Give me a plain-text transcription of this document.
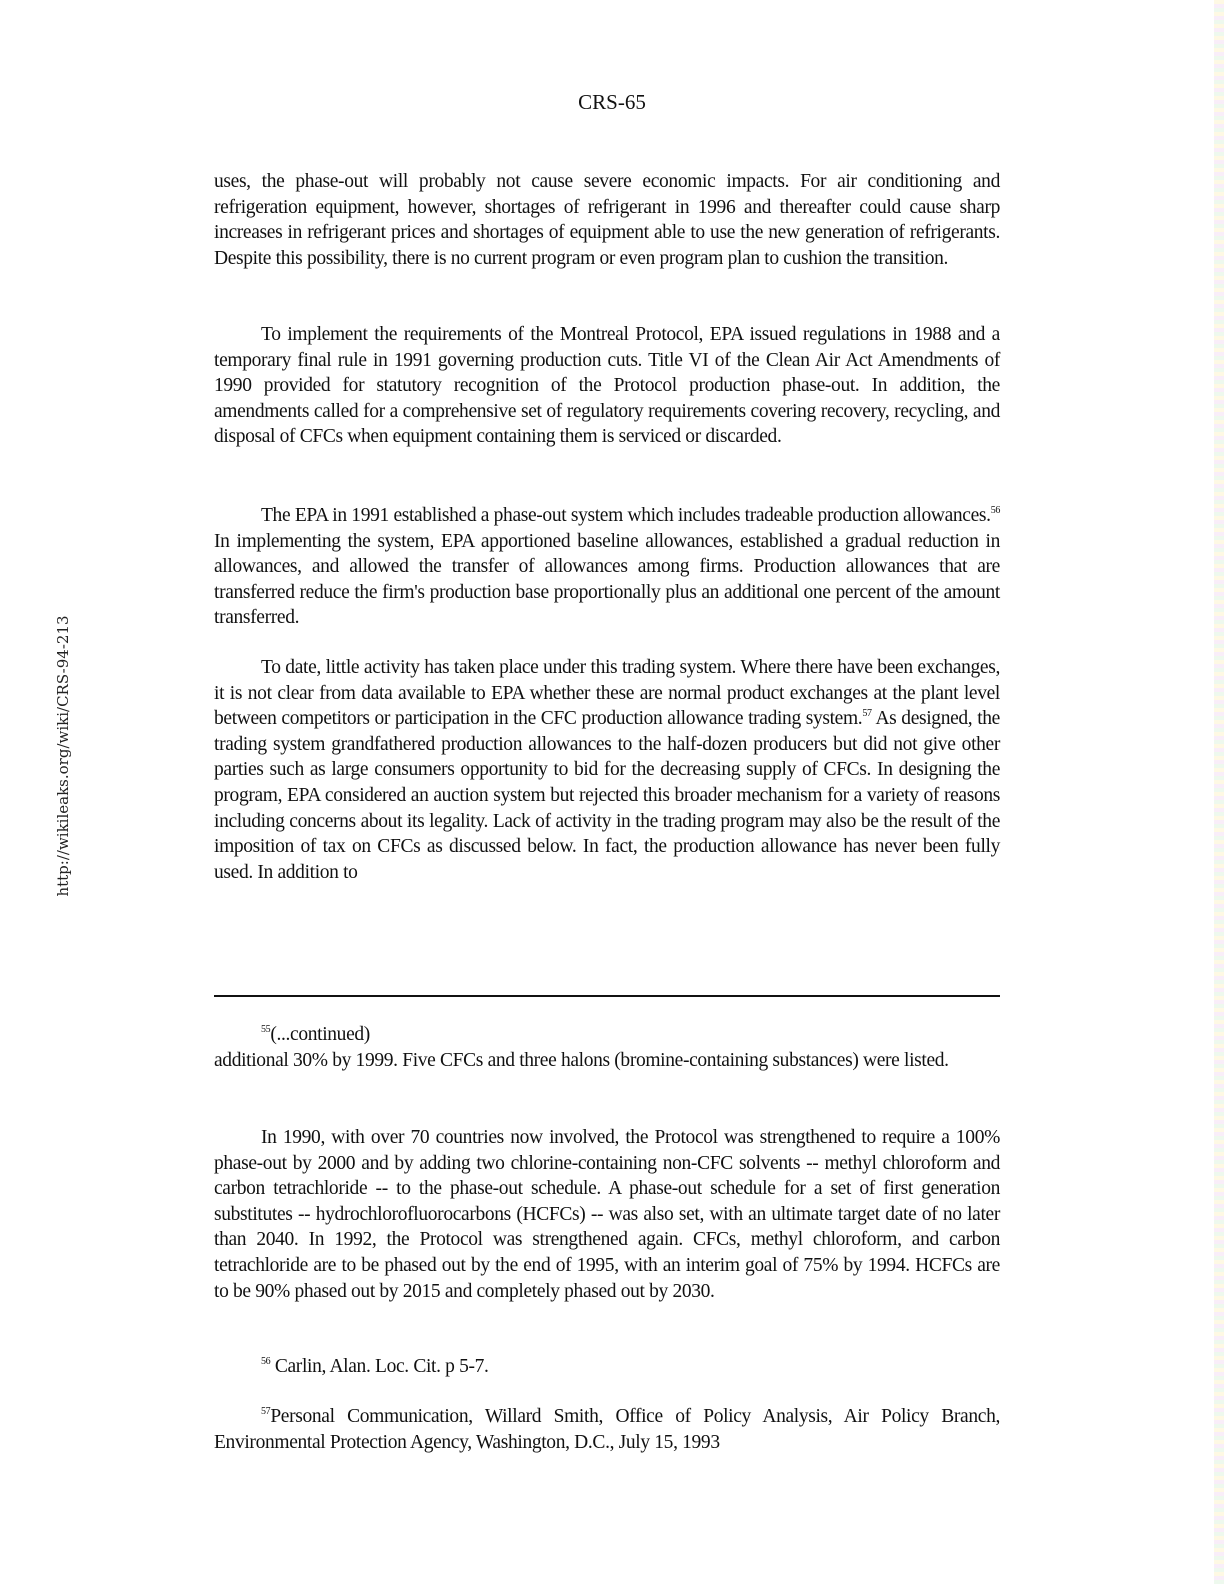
http://wikileaks.org/wiki/CRS-94-213
CRS-65

uses, the phase-out will probably not cause severe economic impacts. For air conditioning and refrigeration equipment, however, shortages of refrigerant in 1996 and thereafter could cause sharp increases in refrigerant prices and shortages of equipment able to use the new generation of refrigerants. Despite this possibility, there is no current program or even program plan to cushion the transition.

To implement the requirements of the Montreal Protocol, EPA issued regulations in 1988 and a temporary final rule in 1991 governing production cuts. Title VI of the Clean Air Act Amendments of 1990 provided for statutory recognition of the Protocol production phase-out. In addition, the amendments called for a comprehensive set of regulatory requirements covering recovery, recycling, and disposal of CFCs when equipment containing them is serviced or discarded.

The EPA in 1991 established a phase-out system which includes tradeable production allowances.$^{56}$ In implementing the system, EPA apportioned baseline allowances, established a gradual reduction in allowances, and allowed the transfer of allowances among firms. Production allowances that are transferred reduce the firm's production base proportionally plus an additional one percent of the amount transferred.

To date, little activity has taken place under this trading system. Where there have been exchanges, it is not clear from data available to EPA whether these are normal product exchanges at the plant level between competitors or participation in the CFC production allowance trading system.$^{57}$ As designed, the trading system grandfathered production allowances to the half-dozen producers but did not give other parties such as large consumers opportunity to bid for the decreasing supply of CFCs. In designing the program, EPA considered an auction system but rejected this broader mechanism for a variety of reasons including concerns about its legality. Lack of activity in the trading program may also be the result of the imposition of tax on CFCs as discussed below. In fact, the production allowance has never been fully used. In addition to

$^{55}$(...continued)

additional 30% by 1999. Five CFCs and three halons (bromine-containing substances) were listed.

In 1990, with over 70 countries now involved, the Protocol was strengthened to require a 100% phase-out by 2000 and by adding two chlorine-containing non-CFC solvents -- methyl chloroform and carbon tetrachloride -- to the phase-out schedule. A phase-out schedule for a set of first generation substitutes -- hydrochlorofluorocarbons (HCFCs) -- was also set, with an ultimate target date of no later than 2040. In 1992, the Protocol was strengthened again. CFCs, methyl chloroform, and carbon tetrachloride are to be phased out by the end of 1995, with an interim goal of 75% by 1994. HCFCs are to be 90% phased out by 2015 and completely phased out by 2030.

$^{56}$ Carlin, Alan. Loc. Cit. p 5-7.

$^{57}$Personal Communication, Willard Smith, Office of Policy Analysis, Air Policy Branch, Environmental Protection Agency, Washington, D.C., July 15, 1993
